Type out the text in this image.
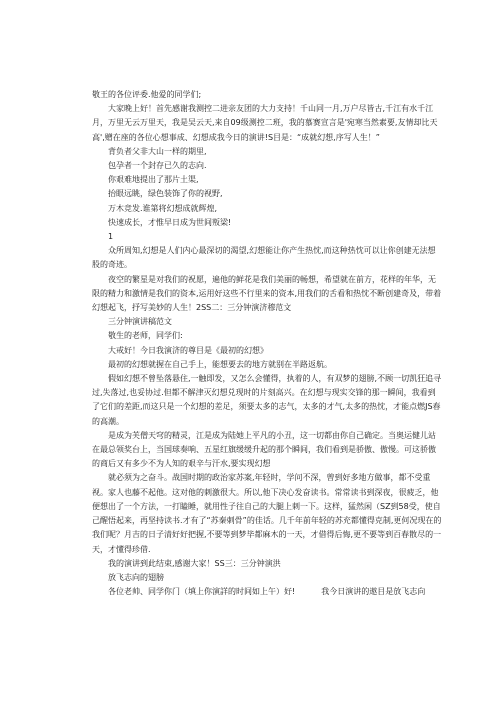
敬王的各位评委.他爱的同学们;

大家晚上好！首先感谢我测控二进亲友团的大力支持！千山同一月,万户尽皆古,千江有水千江月，万里无云万里天，我是吴云天,来自09级测控二班，我的慕赛宣言是'宛寒当然素要,友情却比天高',赠在座的各位心想事成、幻想成我今日的演讲!S目是：“成就幻想,序写人生！”

背负者父非大山一样的期里,

包孕者一个封存已久的志向.

你艰难地提出了那片土渠,

抬眼远眺，绿色装饰了你的视野,

万木竞发.谁第将幻想成就辉煌,

快速成长，才惟早日成为世间叛梁!

1

众所周知,幻想是人们内心最深切的渴望,幻想能让你产生热忱,而这种热忱可以让你创建无法想股的奇迹。

夜空的繁星是对我们的祝愿，遍他的鲜花是我们美丽的畅想，希望就在前方，花样的年华，无限的精力和激情是我们的资本,运用好这些不行里来的资本,用我们的舌看和热忱不断创建奇及，带着幻想起飞，抒写美妙的人生！2SS二：三分钟演济穆范文

三分钟演讲稿范文

敬生的老师，同学们:

大戒好！今日我演济的尊目是《最初的幻想》

最初的幻想就握在自己手上，能想要去的地方就别在半路返航。

假如幻想不曾坠落悬住,一触即发，又怎么会懂得，执着的人，有双梦的翅膀,不顾一切凯狂追寻过,失落过,也妥协过.但都不解津灭幻想兑现时的片刻高兴。在幻想与现实交锋的那一瞬间，我看到了它们的差距,而这只是一个幻想的差足，须要太多的志气，太多的才气,太多的热忱，才能点燃JS春的高潮。

是成为芙僧天穹的精灵，江是成为陆她上平凡的小丑，这一切都由你自己确定。当奥运健儿站在最总领奖台上，当国球奏响、五星红旗缓缓升起的那个瞬间，我们看到是骄傲、傲慢。可这骄傲的商后又有多少不为人知的艰辛与汗水,要实现幻想

就必须为之奋斗。战国时期的政治家苏案,年轻时，学问不深，曾到好多地方做事，都不受重视。家人也藤不起他。这对他的刺激很大。所以,他下决心发奋读书。常常读书到深夜，很疲乏，他便想出了一个方法，一打瞌睡，就用性子往自己的大腿上刺一下。这样，猛然闲（SZ到58受，使自己醒悟起来，再坚持读书.才有了“苏秦刺骨”的佳话。几千年前年轻的苏充都懂得克制,更何况现在的我们呢？月吉的日子清好好把握,不要等到梦毕都麻木的一天，才借得后悔,更不要等到百春散尽的一天，才懂得珍借.

我的演讲到此结束,感谢大家！SS三：三分钟演洪

放飞志向的翅膀

各位老帅、同学你门（填上你演詳的时间如上午）好!	我今日演讲的遨目是放飞志向
